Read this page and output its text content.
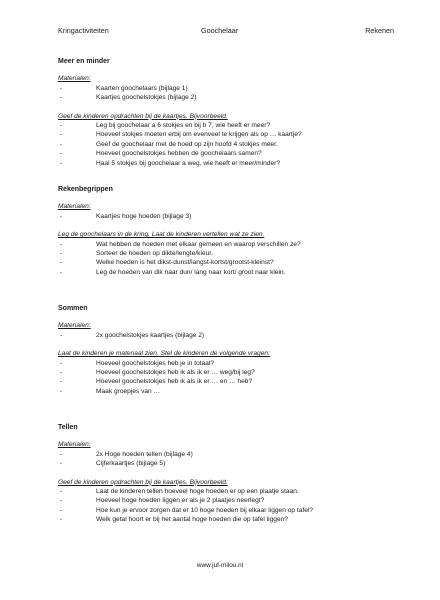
Kringactiviteiten	Goochelaar	Rekenen

Meer en minder

Materialen:

- Kaarten goochelaars (bijlage 1)
- Kaartjes goochelstokjes (bijlage 2)

Geef de kinderen opdrachten bij de kaartjes. Bijvoorbeeld:

- Leg bij goochelaar a 6 stokjes en bij b 7, wie heeft er meer?
- Hoeveel stokjes moeten erbij om evenveel te krijgen als op … kaartje?
- Geef de goochelaar met de hoed op zijn hoofd 4 stokjes meer.
- Hoeveel goochelstokjes hebben de goochelaars samen?
- Haal 5 stokjes bij goochelaar a weg, wie heeft er meer/minder?

Rekenbegrippen

Materialen:

- Kaartjes hoge hoeden (bijlage 3)

Leg de goochelaars in de kring. Laat de kinderen vertellen wat ze zien.

- Wat hebben de hoeden met elkaar gemeen en waarop verschillen ze?
- Sorteer de hoeden op dikte/lengte/kleur.
- Welke hoeden is het dikst-dunst/langst-kortst/grootst-kleinst?
- Leg de hoeden van dik naar dun/ lang naar kort/ groot naar klein.

Sommen

Materialen:

- 2x goochelstokjes kaartjes (bijlage 2)

Laat de kinderen je materiaal zien. Stel de kinderen de volgende vragen:

- Hoeveel goochelstokjes heb je in totaal?
- Hoeveel goochelstokjes heb ik als ik er … weg/bij leg?
- Hoeveel goochelstokjes heb ik als ik er … en … heb?
- Maak groepjes van …

Tellen

Materialen:

- 2x Hoge hoeden tellen (bijlage 4)
- Cijferkaartjes (bijlage 5)

Geef de kinderen opdrachten bij de kaartjes. Bijvoorbeeld:

- Laat de kinderen tellen hoeveel hoge hoeden er op een plaatje staan.
- Hoeveel hoge hoeden liggen er als je 2 plaatjes neerlegt?
- Hoe kun je ervoor zorgen dat er 10 hoge hoeden bij elkaar liggen op tafel?
- Welk getal hoort er bij het aantal hoge hoeden die op tafel liggen?
www.juf-milou.nl
